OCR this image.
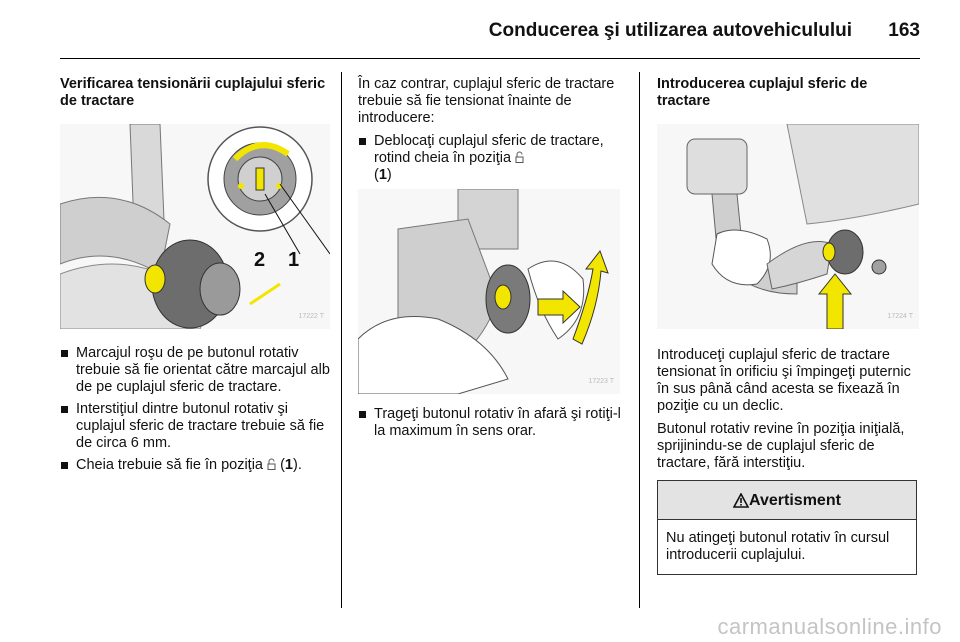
Conducerea şi utilizarea autovehiculului 163
Verificarea tensionării cuplajului sferic de tractare
2 1
17222 T
Marcajul roşu de pe butonul rotativ trebuie să fie orientat către marcajul alb de pe cuplajul sferic de tractare.
Interstiţiul dintre butonul rotativ şi cuplajul sferic de tractare trebuie să fie de circa 6 mm.
Cheia trebuie să fie în poziţia (1).

În caz contrar, cuplajul sferic de tractare trebuie să fie tensionat înainte de introducere:

Deblocaţi cuplajul sferic de tractare, rotind cheia în poziţia
(1)
17223 T
Trageţi butonul rotativ în afară şi rotiţi-l la maximum în sens orar.
Introducerea cuplajul sferic de tractare
17224 T

Introduceţi cuplajul sferic de tractare tensionat în orificiu şi împingeţi puternic în sus până când acesta se fixează în poziţie cu un declic.

Butonul rotativ revine în poziţia iniţială, sprijinindu-se de cuplajul sferic de tractare, fără interstiţiu.

Avertisment
Nu atingeţi butonul rotativ în cursul introducerii cuplajului.
carmanualsonline.info
